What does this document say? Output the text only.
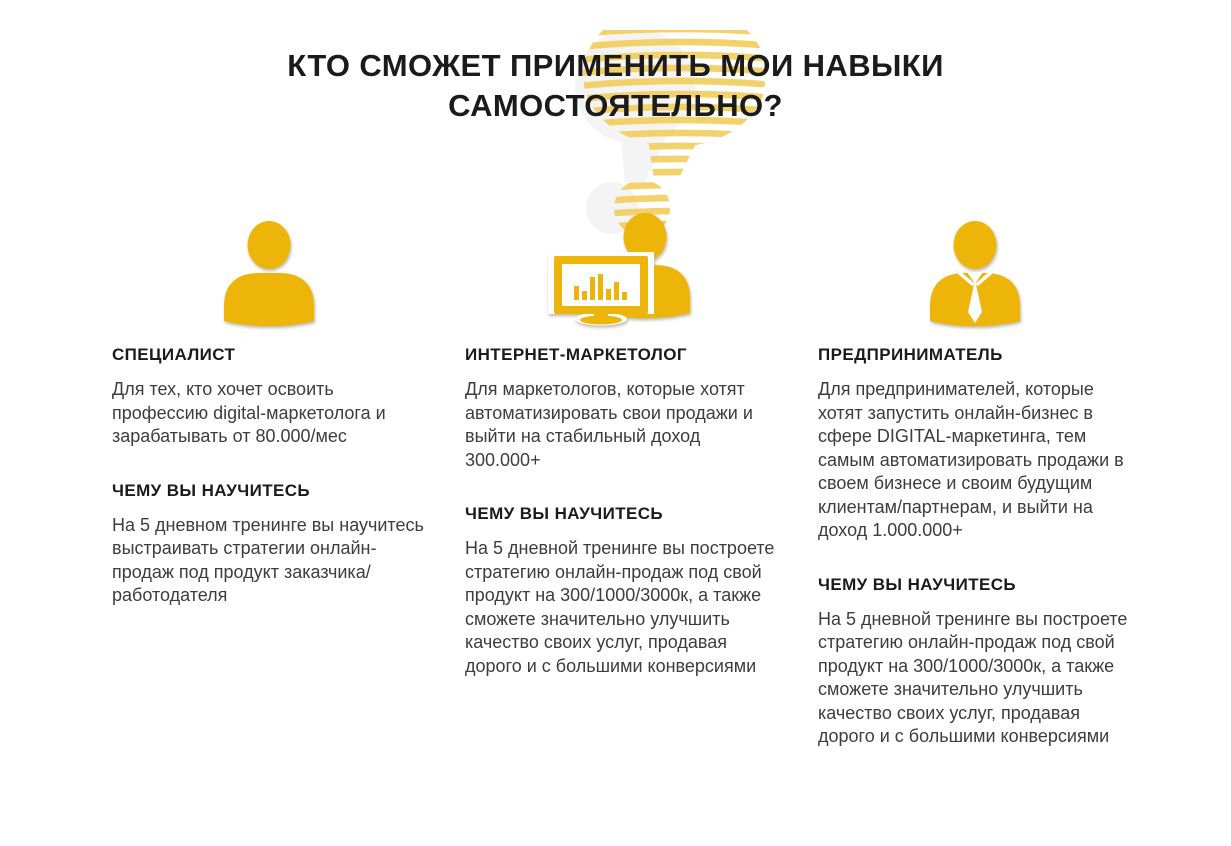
КТО СМОЖЕТ ПРИМЕНИТЬ МОИ НАВЫКИ
САМОСТОЯТЕЛЬНО?
СПЕЦИАЛИСТ

Для тех, кто хочет освоить профессию digital-маркетолога и зарабатывать от 80.000/мес

ЧЕМУ ВЫ НАУЧИТЕСЬ

На 5 дневном тренинге вы научитесь выстраивать стратегии онлайн-продаж под продукт заказчика/работодателя

ИНТЕРНЕТ-МАРКЕТОЛОГ

Для маркетологов, которые хотят автоматизировать свои продажи и выйти на стабильный доход 300.000+

ЧЕМУ ВЫ НАУЧИТЕСЬ

На 5 дневной тренинге вы построете стратегию онлайн-продаж под свой продукт на 300/1000/3000к, а также сможете значительно улучшить качество своих услуг, продавая дорого и с большими конверсиями

ПРЕДПРИНИМАТЕЛЬ

Для предпринимателей, которые хотят запустить онлайн-бизнес в сфере DIGITAL-маркетинга, тем самым автоматизировать продажи в своем бизнесе и своим будущим клиентам/партнерам, и выйти на доход 1.000.000+

ЧЕМУ ВЫ НАУЧИТЕСЬ

На 5 дневной тренинге вы построете стратегию онлайн-продаж под свой продукт на 300/1000/3000к, а также сможете значительно улучшить качество своих услуг, продавая дорого и с большими конверсиями
